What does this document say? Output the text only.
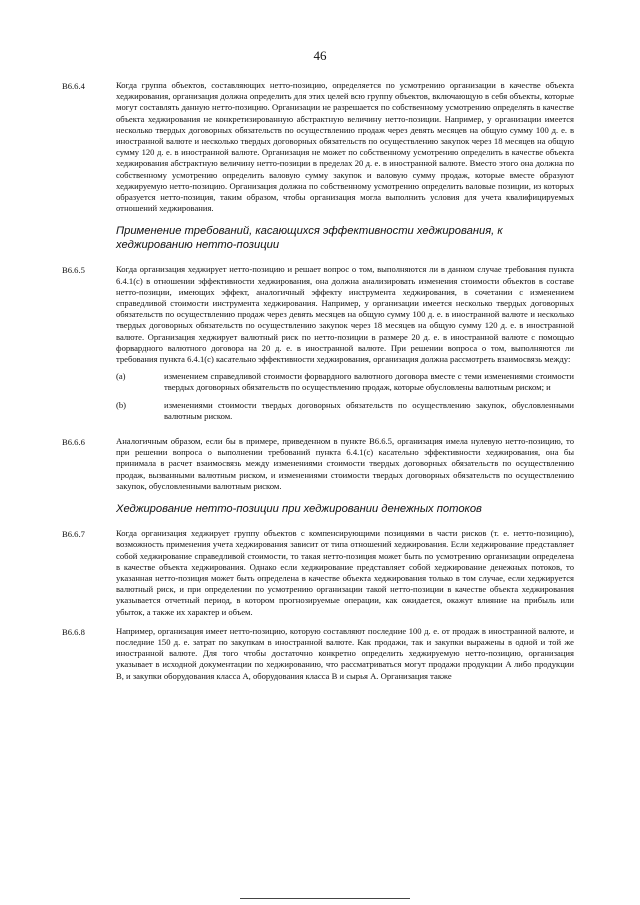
46
B6.6.4	Когда группа объектов, составляющих нетто-позицию, определяется по усмотрению организации в качестве объекта хеджирования, организация должна определить для этих целей всю группу объектов, включающую в себя объекты, которые могут составлять данную нетто-позицию. Организации не разрешается по собственному усмотрению определять в качестве объекта хеджирования не конкретизированную абстрактную величину нетто-позиции. Например, у организации имеется несколько твердых договорных обязательств по осуществлению продаж через девять месяцев на общую сумму 100 д. е. в иностранной валюте и несколько твердых договорных обязательств по осуществлению закупок через 18 месяцев на общую сумму 120 д. е. в иностранной валюте. Организация не может по собственному усмотрению определить в качестве объекта хеджирования абстрактную величину нетто-позиции в пределах 20 д. е. в иностранной валюте. Вместо этого она должна по собственному усмотрению определить валовую сумму закупок и валовую сумму продаж, которые вместе образуют хеджируемую нетто-позицию. Организация должна по собственному усмотрению определить валовые позиции, из которых образуется нетто-позиция, таким образом, чтобы организация могла выполнить условия для учета квалифицируемых отношений хеджирования.
Применение требований, касающихся эффективности хеджирования, к хеджированию нетто-позиции
B6.6.5	Когда организация хеджирует нетто-позицию и решает вопрос о том, выполняются ли в данном случае требования пункта 6.4.1(c) в отношении эффективности хеджирования, она должна анализировать изменения стоимости объектов в составе нетто-позиции, имеющих эффект, аналогичный эффекту инструмента хеджирования, в сочетании с изменением справедливой стоимости инструмента хеджирования. Например, у организации имеется несколько твердых договорных обязательств по осуществлению продаж через девять месяцев на общую сумму 100 д. е. в иностранной валюте и несколько твердых договорных обязательств по осуществлению закупок через 18 месяцев на общую сумму 120 д. е. в иностранной валюте. Организация хеджирует валютный риск по нетто-позиции в размере 20 д. е. в иностранной валюте с помощью форвардного валютного договора на 20 д. е. в иностранной валюте. При решении вопроса о том, выполняются ли требования пункта 6.4.1(c) касательно эффективности хеджирования, организация должна рассмотреть взаимосвязь между:
(a)	изменением справедливой стоимости форвардного валютного договора вместе с теми изменениями стоимости твердых договорных обязательств по осуществлению продаж, которые обусловлены валютным риском; и
(b)	изменениями стоимости твердых договорных обязательств по осуществлению закупок, обусловленными валютным риском.
B6.6.6	Аналогичным образом, если бы в примере, приведенном в пункте B6.6.5, организация имела нулевую нетто-позицию, то при решении вопроса о выполнении требований пункта 6.4.1(c) касательно эффективности хеджирования, она бы принимала в расчет взаимосвязь между изменениями стоимости твердых договорных обязательств по осуществлению продаж, вызванными валютным риском, и изменениями стоимости твердых договорных обязательств по осуществлению закупок, обусловленными валютным риском.
Хеджирование нетто-позиции при хеджировании денежных потоков
B6.6.7	Когда организация хеджирует группу объектов с компенсирующими позициями в части рисков (т. е. нетто-позицию), возможность применения учета хеджирования зависит от типа отношений хеджирования. Если хеджирование представляет собой хеджирование справедливой стоимости, то такая нетто-позиция может быть по усмотрению организации определена в качестве объекта хеджирования. Однако если хеджирование представляет собой хеджирование денежных потоков, то указанная нетто-позиция может быть определена в качестве объекта хеджирования только в том случае, если хеджируется валютный риск, и при определении по усмотрению организации такой нетто-позиции в качестве объекта хеджирования указывается отчетный период, в котором прогнозируемые операции, как ожидается, окажут влияние на прибыль или убыток, а также их характер и объем.
B6.6.8	Например, организация имеет нетто-позицию, которую составляют последние 100 д. е. от продаж в иностранной валюте, и последние 150 д. е. затрат по закупкам в иностранной валюте. Как продажи, так и закупки выражены в одной и той же иностранной валюте. Для того чтобы достаточно конкретно определить хеджируемую нетто-позицию, организация указывает в исходной документации по хеджированию, что рассматриваться могут продажи продукции A либо продукции B, и закупки оборудования класса A, оборудования класса B и сырья A. Организация также
